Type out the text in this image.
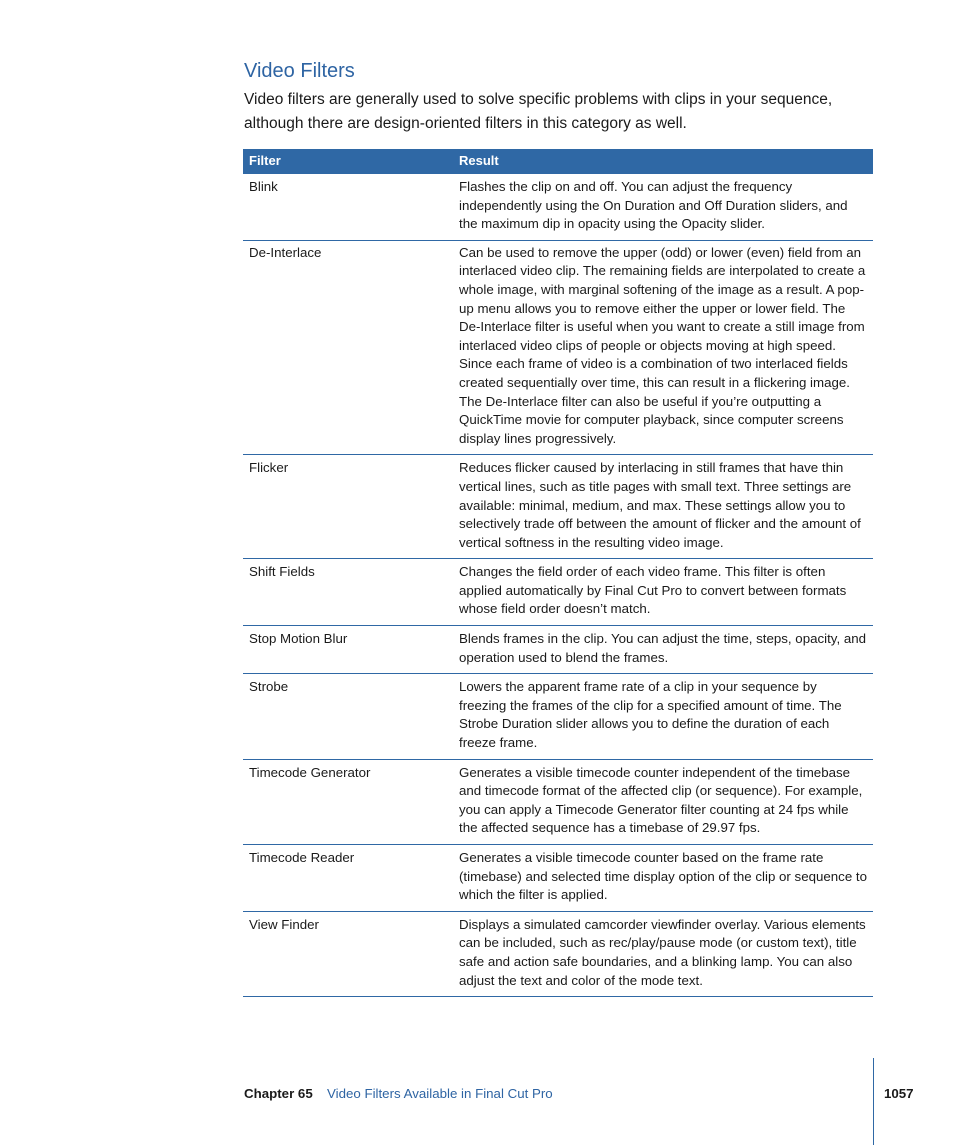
Video Filters

Video filters are generally used to solve specific problems with clips in your sequence, although there are design-oriented filters in this category as well.

Filter	Result
Blink	Flashes the clip on and off. You can adjust the frequency independently using the On Duration and Off Duration sliders, and the maximum dip in opacity using the Opacity slider.
De-Interlace	Can be used to remove the upper (odd) or lower (even) field from an interlaced video clip. The remaining fields are interpolated to create a whole image, with marginal softening of the image as a result. A pop-up menu allows you to remove either the upper or lower field. The De-Interlace filter is useful when you want to create a still image from interlaced video clips of people or objects moving at high speed. Since each frame of video is a combination of two interlaced fields created sequentially over time, this can result in a flickering image. The De-Interlace filter can also be useful if you’re outputting a QuickTime movie for computer playback, since computer screens display lines progressively.
Flicker	Reduces flicker caused by interlacing in still frames that have thin vertical lines, such as title pages with small text. Three settings are available: minimal, medium, and max. These settings allow you to selectively trade off between the amount of flicker and the amount of vertical softness in the resulting video image.
Shift Fields	Changes the field order of each video frame. This filter is often applied automatically by Final Cut Pro to convert between formats whose field order doesn’t match.
Stop Motion Blur	Blends frames in the clip. You can adjust the time, steps, opacity, and operation used to blend the frames.
Strobe	Lowers the apparent frame rate of a clip in your sequence by freezing the frames of the clip for a specified amount of time. The Strobe Duration slider allows you to define the duration of each freeze frame.
Timecode Generator	Generates a visible timecode counter independent of the timebase and timecode format of the affected clip (or sequence). For example, you can apply a Timecode Generator filter counting at 24 fps while the affected sequence has a timebase of 29.97 fps.
Timecode Reader	Generates a visible timecode counter based on the frame rate (timebase) and selected time display option of the clip or sequence to which the filter is applied.
View Finder	Displays a simulated camcorder viewfinder overlay. Various elements can be included, such as rec/play/pause mode (or custom text), title safe and action safe boundaries, and a blinking lamp. You can also adjust the text and color of the mode text.
Chapter 65 Video Filters Available in Final Cut Pro	1057
